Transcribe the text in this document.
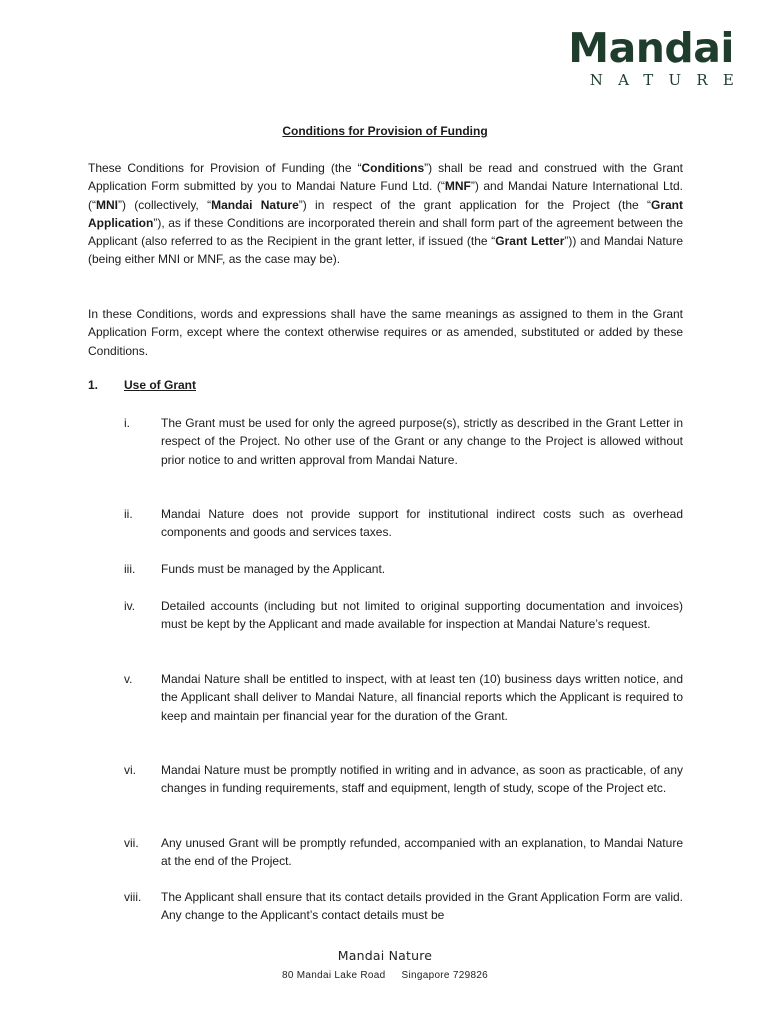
Mandai
NATURE
Conditions for Provision of Funding

These Conditions for Provision of Funding (the “Conditions”) shall be read and construed with the Grant Application Form submitted by you to Mandai Nature Fund Ltd. (“MNF”) and Mandai Nature International Ltd. (“MNI”) (collectively, “Mandai Nature”) in respect of the grant application for the Project (the “Grant Application”), as if these Conditions are incorporated therein and shall form part of the agreement between the Applicant (also referred to as the Recipient in the grant letter, if issued (the “Grant Letter”)) and Mandai Nature (being either MNI or MNF, as the case may be).

In these Conditions, words and expressions shall have the same meanings as assigned to them in the Grant Application Form, except where the context otherwise requires or as amended, substituted or added by these Conditions.

1. Use of Grant
i.	The Grant must be used for only the agreed purpose(s), strictly as described in the Grant Letter in respect of the Project. No other use of the Grant or any change to the Project is allowed without prior notice to and written approval from Mandai Nature.
ii. Mandai Nature does not provide support for institutional indirect costs such as overhead components and goods and services taxes.
iii. Funds must be managed by the Applicant.
iv. Detailed accounts (including but not limited to original supporting documentation and invoices) must be kept by the Applicant and made available for inspection at Mandai Nature’s request.
v. Mandai Nature shall be entitled to inspect, with at least ten (10) business days written notice, and the Applicant shall deliver to Mandai Nature, all financial reports which the Applicant is required to keep and maintain per financial year for the duration of the Grant.
vi. Mandai Nature must be promptly notified in writing and in advance, as soon as practicable, of any changes in funding requirements, staff and equipment, length of study, scope of the Project etc.
vii. Any unused Grant will be promptly refunded, accompanied with an explanation, to Mandai Nature at the end of the Project.
viii. The Applicant shall ensure that its contact details provided in the Grant Application Form are valid. Any change to the Applicant’s contact details must be
Mandai Nature
80 Mandai Lake Road Singapore 729826
